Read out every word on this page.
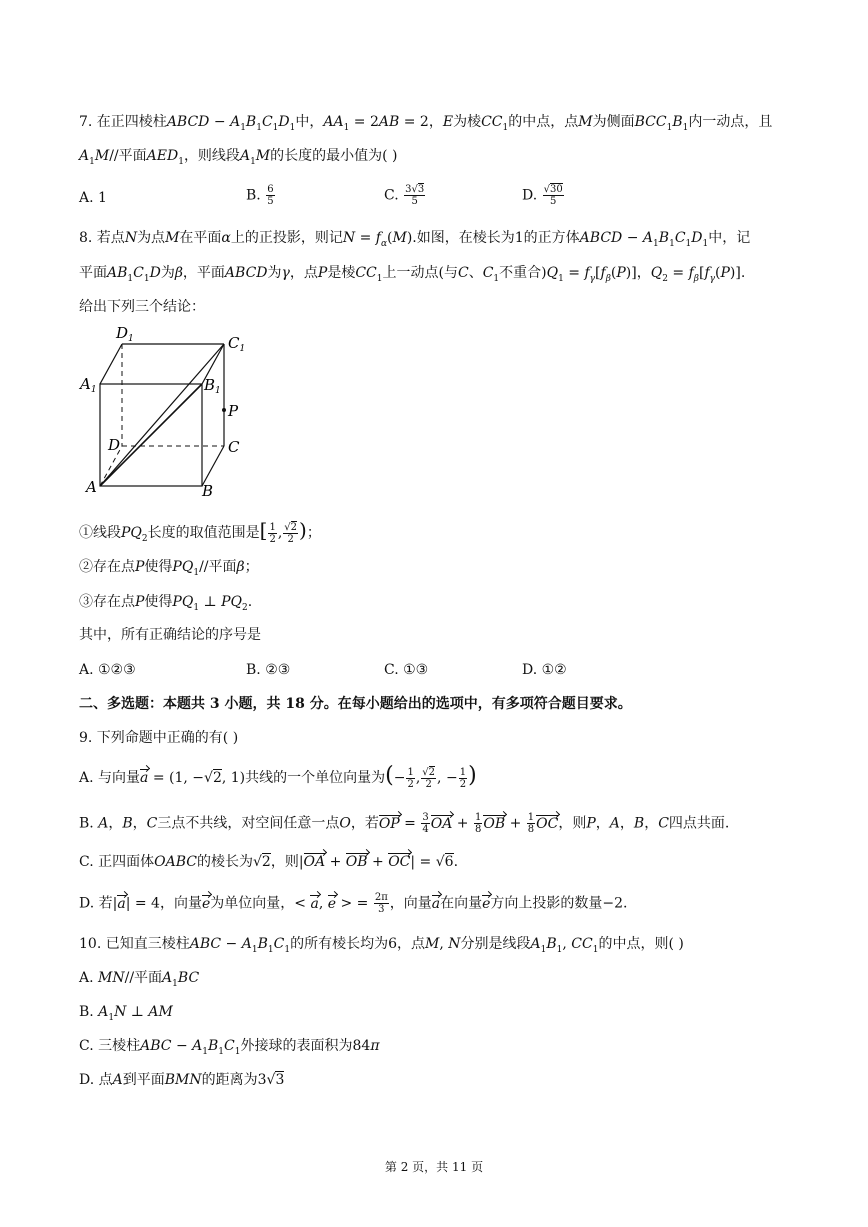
7. 在正四棱柱ABCD − $A_1B_1C_1D_1$中，$AA_1 = 2AB = 2$，E为棱$CC_1$的中点，点M为侧面$BCC_1B_1$内一动点，且
$A_1M//$平面$AED_1$，则线段$A_1M$的长度的最小值为( )
A. 1	B. $\frac{6}{5}$	C. $\frac{3√3}{5}$	D. $\frac{√30}{5}$
8. 若点N为点M在平面α上的正投影，则记$N = f_\alpha(M)$.如图，在棱长为1的正方体ABCD − $A_1B_1C_1D_1$中，记
平面$AB_1C_1D$为β，平面ABCD为γ，点P是棱$CC_1$上一动点(与C、$C_1$不重合)$Q_1 = f_\gamma[f_\beta(P)]$，$Q_2 = f_\beta[f_\gamma(P)]$.
给出下列三个结论：
$D_1$	$C_1$
$A_1$	$B_1$
P
D	C
A	B
①线段$PQ_2$长度的取值范围是[ $\frac{1}{2}$ , $\frac{√2}{2}$ )；
②存在点P使得$PQ_1//$平面β；
③存在点P使得$PQ_1$ ⊥ $PQ_2$.
其中，所有正确结论的序号是
A. ①②③	B. ②③	C. ①③	D. ①②
二、多选题：本题共 3 小题，共 18 分。在每小题给出的选项中，有多项符合题目要求。
9. 下列命题中正确的有( )
A. 与向量a = (1, −√2, 1)共线的一个单位向量为(− $\frac{1}{2}$ , $\frac{√2}{2}$ , − $\frac{1}{2}$ )
B. A，B，C三点不共线，对空间任意一点O，若OP = $\frac{3}{4}$ OA + $\frac{1}{8}$ OB + $\frac{1}{8}$ OC，则P，A，B，C四点共面.
C. 正四面体OABC的棱长为√2，则|OA + OB + OC| = √6.
D. 若|a| = 4，向量e为单位向量，< a, e > = $\frac{2\pi}{3}$ ，向量a在向量e方向上投影的数量−2.
10. 已知直三棱柱ABC − $A_1B_1C_1$的所有棱长均为6，点M, N分别是线段$A_1B_1$, $CC_1$的中点，则( )
A. MN//平面$A_1BC$
B. $A_1N$ ⊥ AM
C. 三棱柱ABC − $A_1B_1C_1$外接球的表面积为84π
D. 点A到平面BMN的距离为3√3
第 2 页，共 11 页
